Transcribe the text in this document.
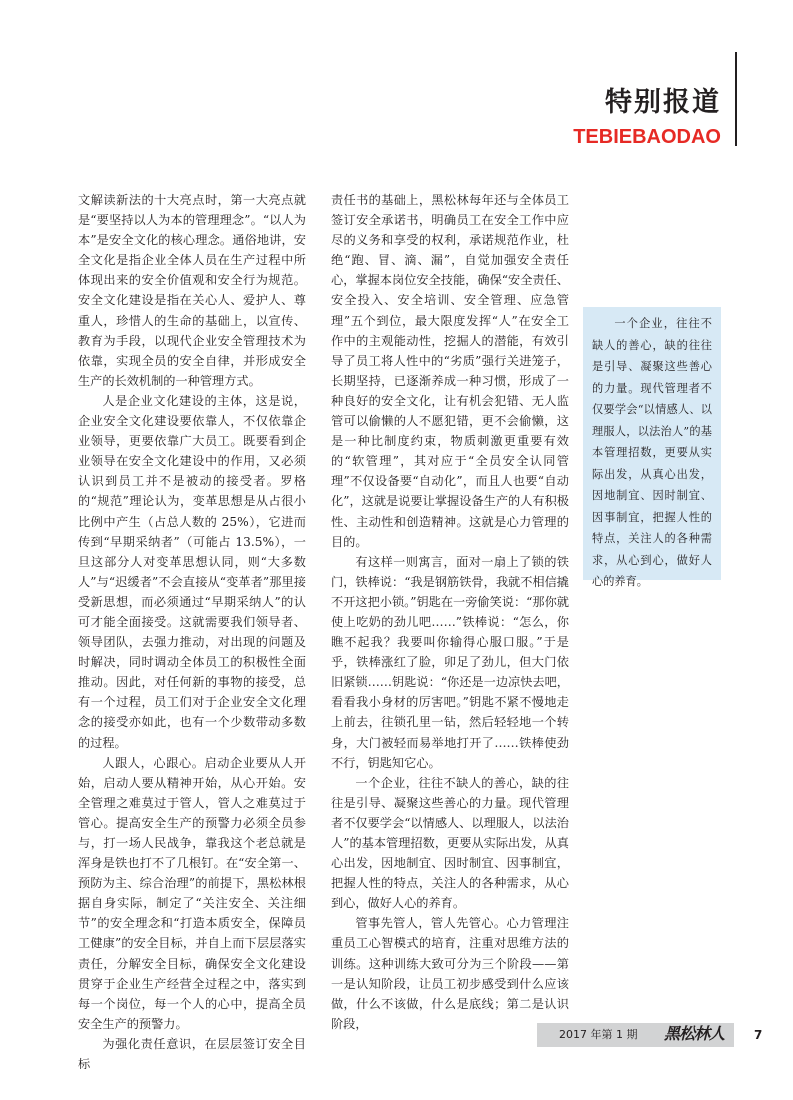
特别报道
TEBIEBAODAO

文解读新法的十大亮点时，第一大亮点就是“要坚持以人为本的管理理念”。“以人为本”是安全文化的核心理念。通俗地讲，安全文化是指企业全体人员在生产过程中所体现出来的安全价值观和安全行为规范。安全文化建设是指在关心人、爱护人、尊重人，珍惜人的生命的基础上，以宣传、教育为手段，以现代企业安全管理技术为依靠，实现全员的安全自律，并形成安全生产的长效机制的一种管理方式。

人是企业文化建设的主体，这是说，企业安全文化建设要依靠人，不仅依靠企业领导，更要依靠广大员工。既要看到企业领导在安全文化建设中的作用，又必须认识到员工并不是被动的接受者。罗格的“规范”理论认为，变革思想是从占很小比例中产生（占总人数的 25%），它进而传到“早期采纳者”（可能占 13.5%），一旦这部分人对变革思想认同，则“大多数人”与“迟缓者”不会直接从“变革者”那里接受新思想，而必须通过“早期采纳人”的认可才能全面接受。这就需要我们领导者、领导团队，去强力推动，对出现的问题及时解决，同时调动全体员工的积极性全面推动。因此，对任何新的事物的接受，总有一个过程，员工们对于企业安全文化理念的接受亦如此，也有一个少数带动多数的过程。

人跟人，心跟心。启动企业要从人开始，启动人要从精神开始，从心开始。安全管理之难莫过于管人，管人之难莫过于管心。提高安全生产的预警力必须全员参与，打一场人民战争，靠我这个老总就是浑身是铁也打不了几根钉。在“安全第一、预防为主、综合治理”的前提下，黑松林根据自身实际，制定了“关注安全、关注细节”的安全理念和“打造本质安全，保障员工健康”的安全目标，并自上而下层层落实责任，分解安全目标，确保安全文化建设贯穿于企业生产经营全过程之中，落实到每一个岗位，每一个人的心中，提高全员安全生产的预警力。

为强化责任意识，在层层签订安全目标

责任书的基础上，黑松林每年还与全体员工签订安全承诺书，明确员工在安全工作中应尽的义务和享受的权利，承诺规范作业，杜绝“跑、冒、滴、漏”，自觉加强安全责任心，掌握本岗位安全技能，确保“安全责任、安全投入、安全培训、安全管理、应急管理”五个到位，最大限度发挥“人”在安全工作中的主观能动性，挖掘人的潜能，有效引导了员工将人性中的“劣质”强行关进笼子，长期坚持，已逐渐养成一种习惯，形成了一种良好的安全文化，让有机会犯错、无人监管可以偷懒的人不愿犯错，更不会偷懒，这是一种比制度约束，物质刺激更重要有效的“软管理”，其对应于“全员安全认同管理”不仅设备要“自动化”，而且人也要“自动化”，这就是说要让掌握设备生产的人有积极性、主动性和创造精神。这就是心力管理的目的。

有这样一则寓言，面对一扇上了锁的铁门，铁棒说：“我是钢筋铁骨，我就不相信撬不开这把小锁。”钥匙在一旁偷笑说：“那你就使上吃奶的劲儿吧……”铁棒说：“怎么，你瞧不起我？我要叫你输得心服口服。”于是乎，铁棒涨红了脸，卯足了劲儿，但大门依旧紧锁……钥匙说：“你还是一边凉快去吧，看看我小身材的厉害吧。”钥匙不紧不慢地走上前去，往锁孔里一钻，然后轻轻地一个转身，大门被轻而易举地打开了……铁棒使劲不行，钥匙知它心。

一个企业，往往不缺人的善心，缺的往往是引导、凝聚这些善心的力量。现代管理者不仅要学会“以情感人、以理服人，以法治人”的基本管理招数，更要从实际出发，从真心出发，因地制宜、因时制宜、因事制宜，把握人性的特点，关注人的各种需求，从心到心，做好人心的养育。

管事先管人，管人先管心。心力管理注重员工心智模式的培育，注重对思维方法的训练。这种训练大致可分为三个阶段——第一是认知阶段，让员工初步感受到什么应该做，什么不该做，什么是底线；第二是认识阶段，

一个企业，往往不缺人的善心，缺的往往是引导、凝聚这些善心的力量。现代管理者不仅要学会“以情感人、以理服人，以法治人”的基本管理招数，更要从实际出发，从真心出发，因地制宜、因时制宜、因事制宜，把握人性的特点，关注人的各种需求，从心到心，做好人心的养育。

2017 年第 1 期 黑松林人 7
